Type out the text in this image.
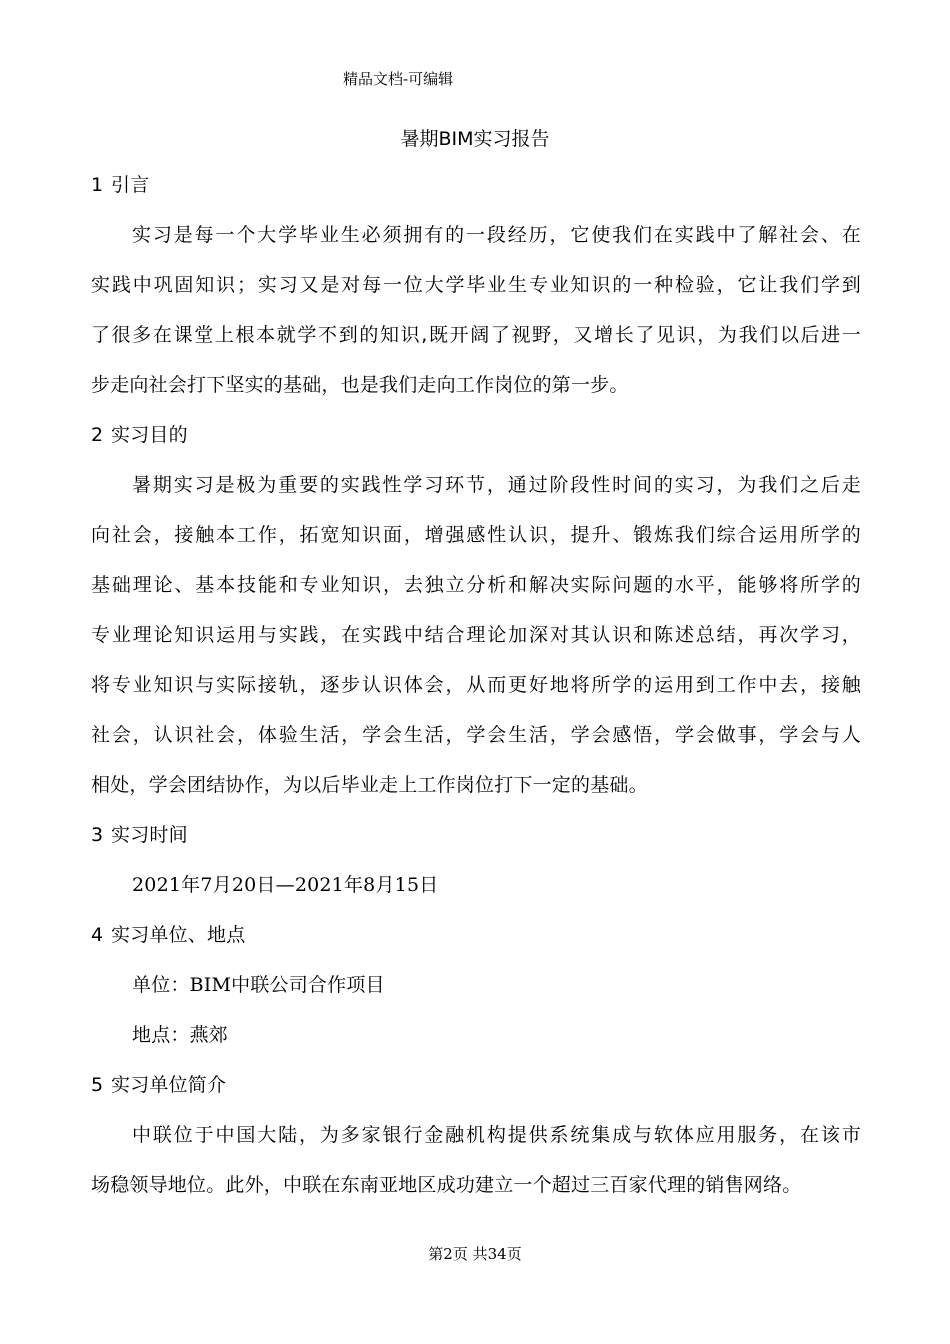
精品文档-可编辑
暑期BIM实习报告
1 引言
实习是每一个大学毕业生必须拥有的一段经历，它使我们在实践中了解社会、在
实践中巩固知识；实习又是对每一位大学毕业生专业知识的一种检验，它让我们学到
了很多在课堂上根本就学不到的知识,既开阔了视野，又增长了见识，为我们以后进一
步走向社会打下坚实的基础，也是我们走向工作岗位的第一步。
2 实习目的
暑期实习是极为重要的实践性学习环节，通过阶段性时间的实习，为我们之后走
向社会，接触本工作，拓宽知识面，增强感性认识，提升、锻炼我们综合运用所学的
基础理论、基本技能和专业知识，去独立分析和解决实际问题的水平，能够将所学的
专业理论知识运用与实践，在实践中结合理论加深对其认识和陈述总结，再次学习，
将专业知识与实际接轨，逐步认识体会，从而更好地将所学的运用到工作中去，接触
社会，认识社会，体验生活，学会生活，学会生活，学会感悟，学会做事，学会与人
相处，学会团结协作，为以后毕业走上工作岗位打下一定的基础。
3 实习时间
2021年7月20日—2021年8月15日
4 实习单位、地点
单位：BIM中联公司合作项目
地点：燕郊
5 实习单位简介
中联位于中国大陆，为多家银行金融机构提供系统集成与软体应用服务，在该市
场稳领导地位。此外，中联在东南亚地区成功建立一个超过三百家代理的销售网络。
第2页 共34页
